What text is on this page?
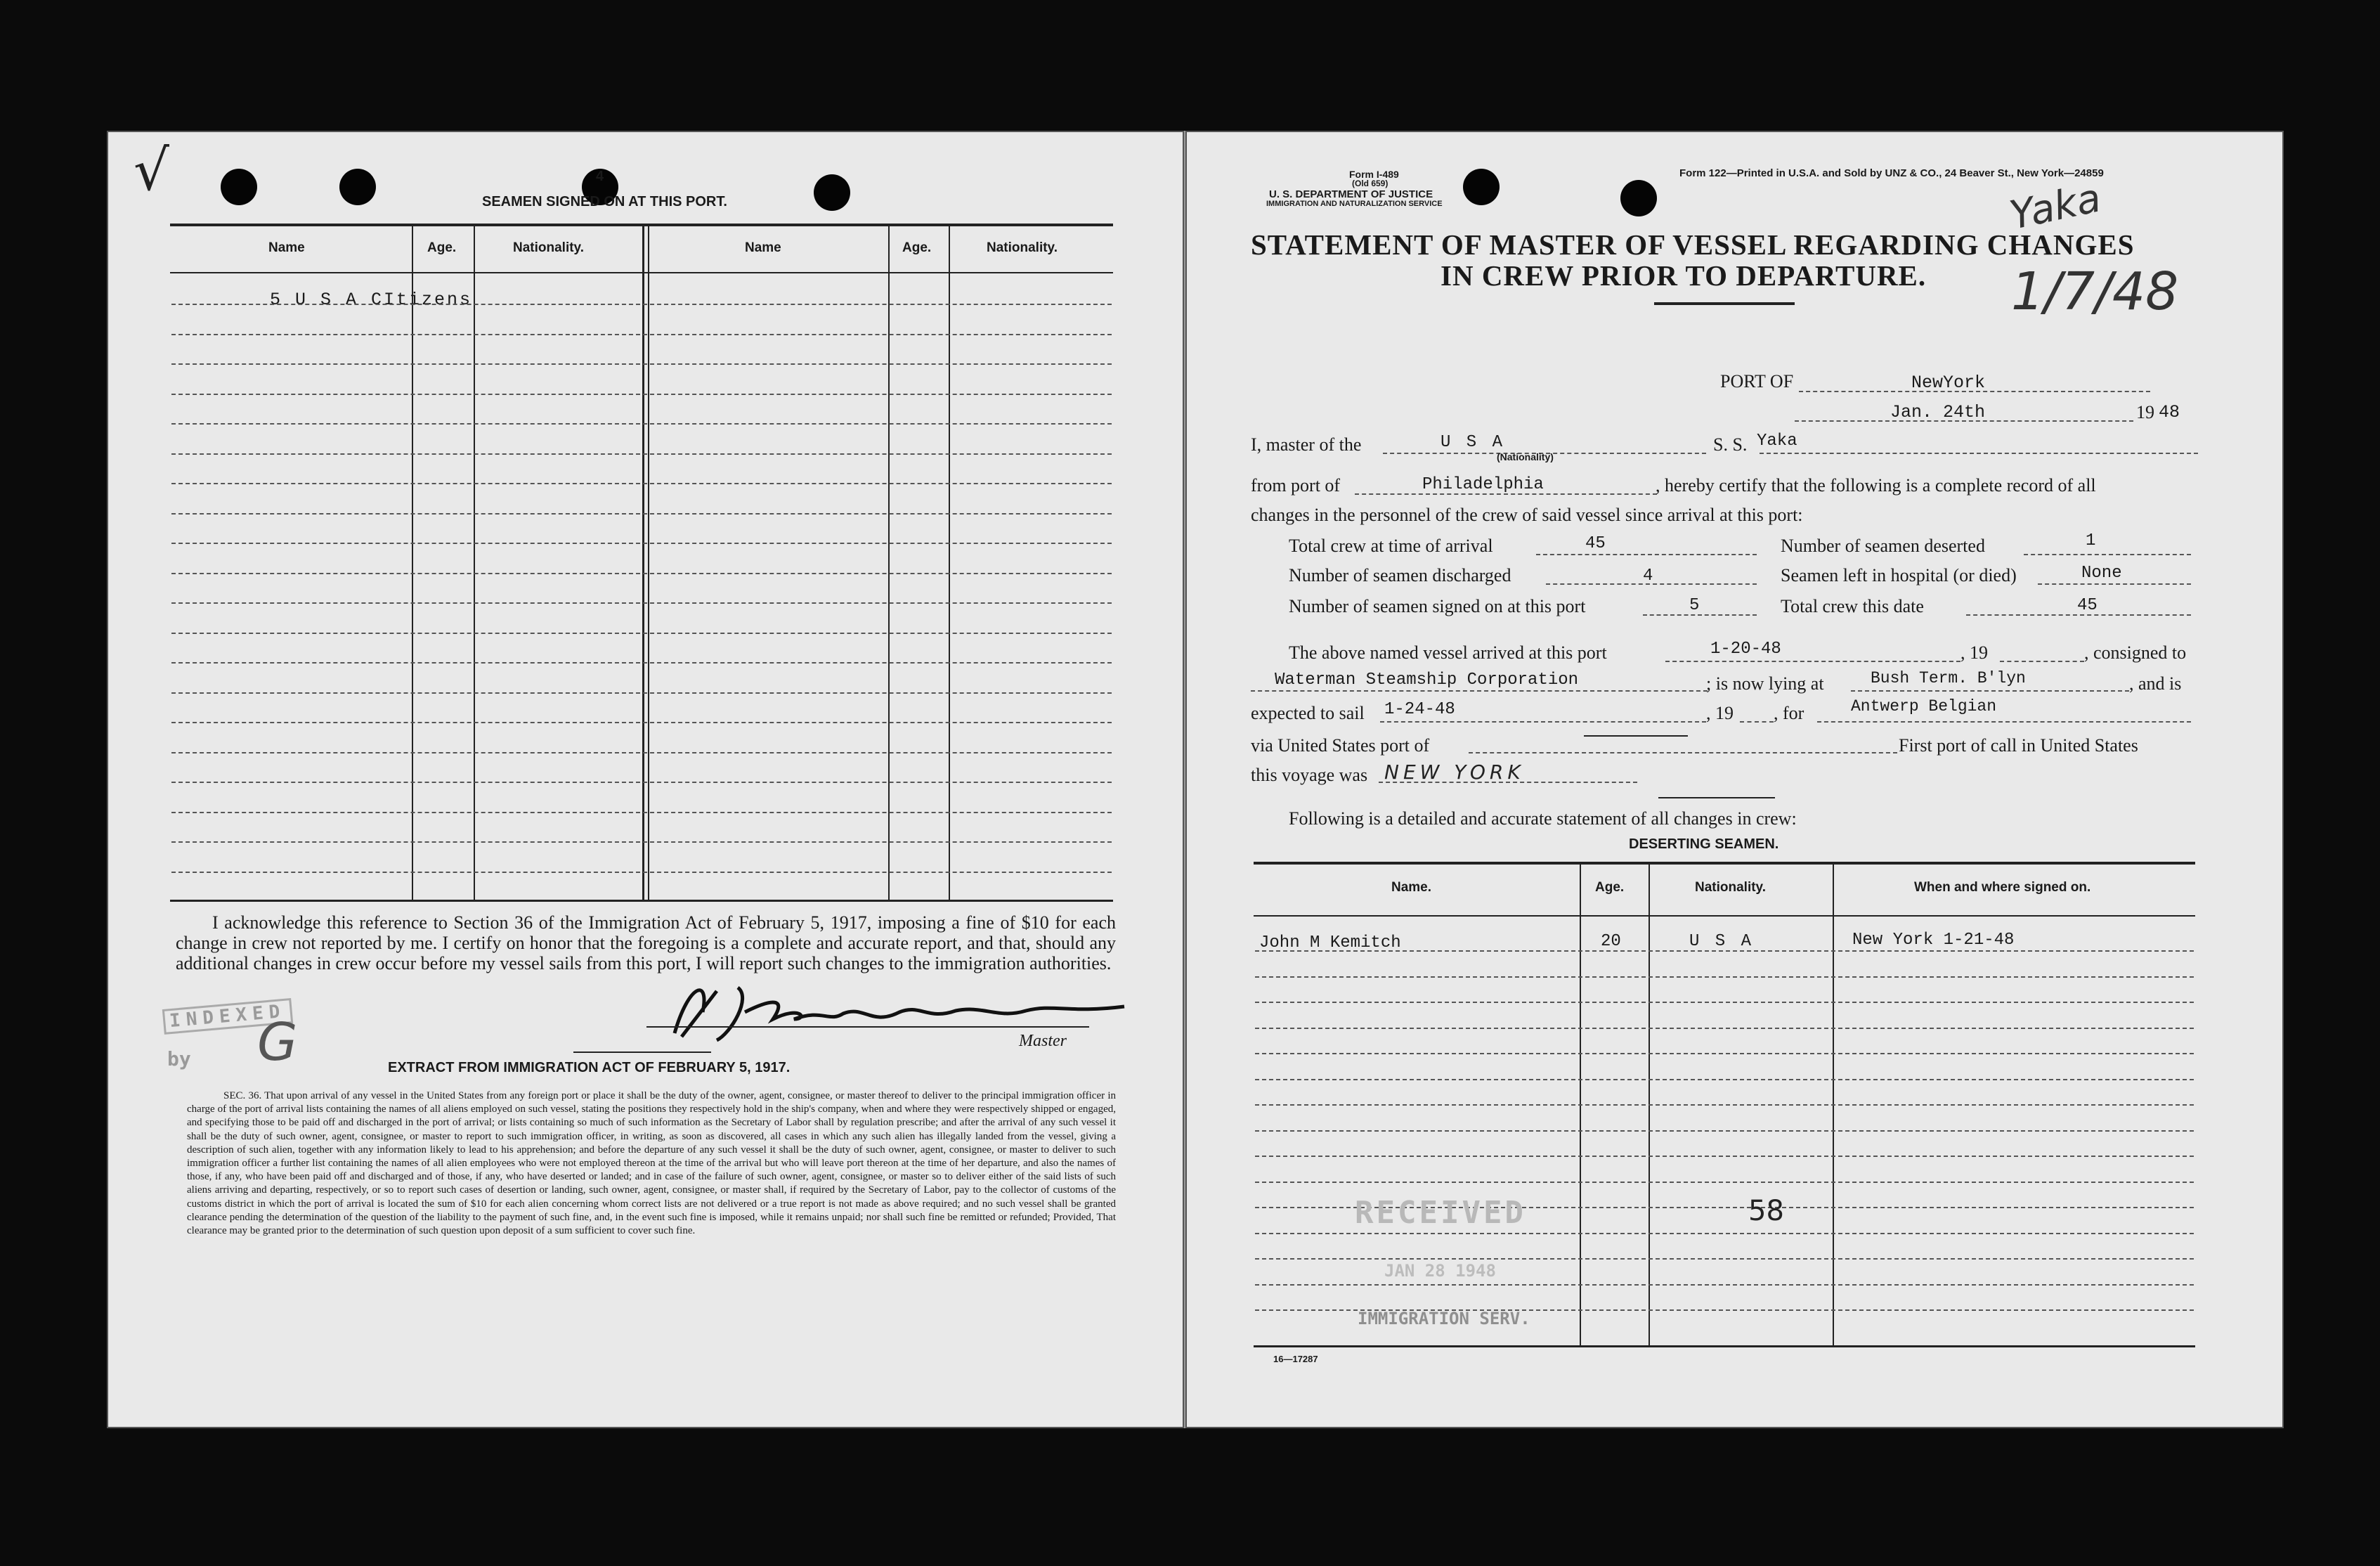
√	4
SEAMEN SIGNED ON AT THIS PORT.
Name	Age.	Nationality.	Name	Age.	Nationality.
5 U S A CItizens
I acknowledge this reference to Section 36 of the Immigration Act of February 5, 1917, imposing a fine of $10 for each change in crew not reported by me. I certify on honor that the foregoing is a complete and accurate report, and that, should any additional changes in crew occur before my vessel sails from this port, I will report such changes to the immigration authorities.
INDEXED
by G	Master
EXTRACT FROM IMMIGRATION ACT OF FEBRUARY 5, 1917.
SEC. 36. That upon arrival of any vessel in the United States from any foreign port or place it shall be the duty of the owner, agent, consignee, or master thereof to deliver to the principal immigration officer in charge of the port of arrival lists containing the names of all aliens employed on such vessel, stating the positions they respectively hold in the ship's company, when and where they were respectively shipped or engaged, and specifying those to be paid off and discharged in the port of arrival; or lists containing so much of such information as the Secretary of Labor shall by regulation prescribe; and after the arrival of any such vessel it shall be the duty of such owner, agent, consignee, or master to report to such immigration officer, in writing, as soon as discovered, all cases in which any such alien has illegally landed from the vessel, giving a description of such alien, together with any information likely to lead to his apprehension; and before the departure of any such vessel it shall be the duty of such owner, agent, consignee, or master to deliver to such immigration officer a further list containing the names of all alien employees who were not employed thereon at the time of the arrival but who will leave port thereon at the time of her departure, and also the names of those, if any, who have been paid off and discharged and of those, if any, who have deserted or landed; and in case of the failure of such owner, agent, consignee, or master so to deliver either of the said lists of such aliens arriving and departing, respectively, or so to report such cases of desertion or landing, such owner, agent, consignee, or master shall, if required by the Secretary of Labor, pay to the collector of customs of the customs district in which the port of arrival is located the sum of $10 for each alien concerning whom correct lists are not delivered or a true report is not made as above required; and no such vessel shall be granted clearance pending the determination of the question of the liability to the payment of such fine, and, in the event such fine is imposed, while it remains unpaid; nor shall such fine be remitted or refunded; Provided, That clearance may be granted prior to the determination of such question upon deposit of a sum sufficient to cover such fine.
Form I-489
(Old 659)
U. S. DEPARTMENT OF JUSTICE
IMMIGRATION AND NATURALIZATION SERVICE
Form 122—Printed in U.S.A. and Sold by UNZ & CO., 24 Beaver St., New York—24859
Yaka
1/7/48
STATEMENT OF MASTER OF VESSEL REGARDING CHANGES
IN CREW PRIOR TO DEPARTURE.
PORT OF	NewYork
Jan. 24th	19 48
I, master of the	U S A
(Nationality)
S. S. Yaka
from port of	Philadelphia	, hereby certify that the following is a complete record of all
changes in the personnel of the crew of said vessel since arrival at this port:
Total crew at time of arrival	45	Number of seamen deserted	1
Number of seamen discharged	4	Seamen left in hospital (or died)	None
Number of seamen signed on at this port	5	Total crew this date	45
The above named vessel arrived at this port	1-20-48	, 19	, consigned to
Waterman Steamship Corporation	; is now lying at	Bush Term. B'lyn	, and is
expected to sail 1-24-48	, 19 , for	Antwerp Belgian
via United States port of	First port of call in United States
this voyage was NEW YORK
Following is a detailed and accurate statement of all changes in crew:
DESERTING SEAMEN.
Name.	Age.	Nationality.	When and where signed on.
John M Kemitch	20	U S A	New York 1-21-48
RECEIVED
JAN 28 1948
IMMIGRATION SERV.
58
16—17287
